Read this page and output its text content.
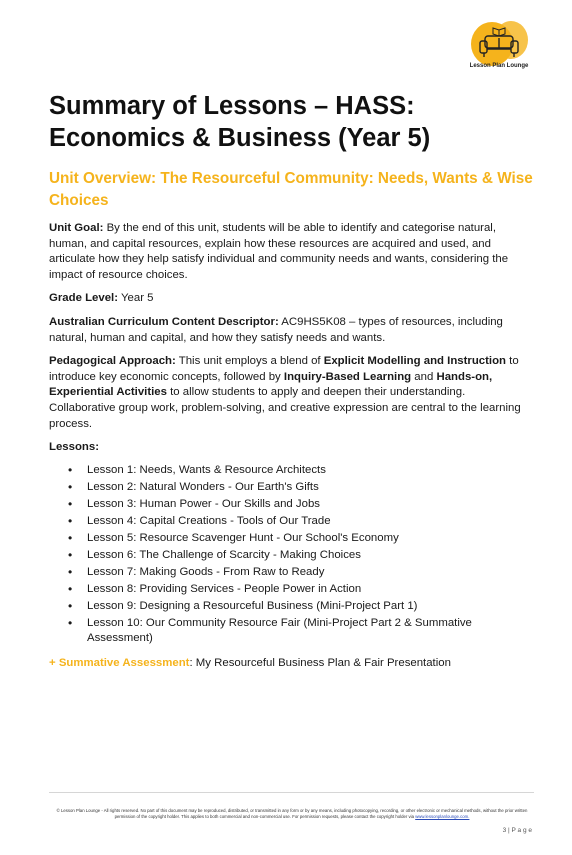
Lesson Plan Lounge
Summary of Lessons – HASS: Economics & Business (Year 5)
Unit Overview: The Resourceful Community: Needs, Wants & Wise Choices

Unit Goal: By the end of this unit, students will be able to identify and categorise natural, human, and capital resources, explain how these resources are acquired and used, and articulate how they help satisfy individual and community needs and wants, considering the impact of resource choices.

Grade Level: Year 5

Australian Curriculum Content Descriptor: AC9HS5K08 – types of resources, including natural, human and capital, and how they satisfy needs and wants.

Pedagogical Approach: This unit employs a blend of Explicit Modelling and Instruction to introduce key economic concepts, followed by Inquiry-Based Learning and Hands-on, Experiential Activities to allow students to apply and deepen their understanding. Collaborative group work, problem-solving, and creative expression are central to the learning process.

Lessons:

• Lesson 1: Needs, Wants & Resource Architects
• Lesson 2: Natural Wonders - Our Earth's Gifts
• Lesson 3: Human Power - Our Skills and Jobs
• Lesson 4: Capital Creations - Tools of Our Trade
• Lesson 5: Resource Scavenger Hunt - Our School's Economy
• Lesson 6: The Challenge of Scarcity - Making Choices
• Lesson 7: Making Goods - From Raw to Ready
• Lesson 8: Providing Services - People Power in Action
• Lesson 9: Designing a Resourceful Business (Mini-Project Part 1)
• Lesson 10: Our Community Resource Fair (Mini-Project Part 2 & Summative Assessment)

+ Summative Assessment: My Resourceful Business Plan & Fair Presentation

© Lesson Plan Lounge - All rights reserved. No part of this document may be reproduced, distributed, or transmitted in any form or by any means, including photocopying, recording, or other electronic or mechanical methods, without the prior written permission of the copyright holder. This applies to both commercial and non-commercial use. For permission requests, please contact the copyright holder via www.lessonplanlounge.com.
3 | P a g e
